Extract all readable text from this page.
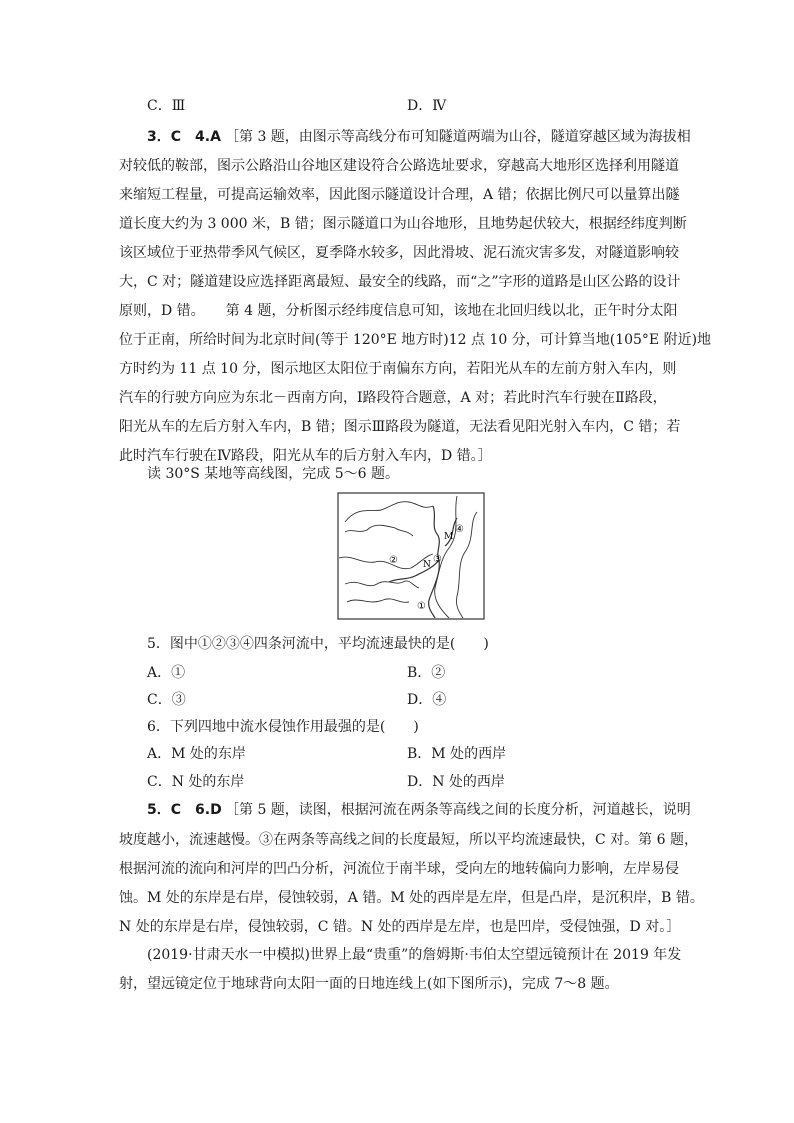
C．Ⅲ	D．Ⅳ
3．C　4.A ［第 3 题，由图示等高线分布可知隧道两端为山谷，隧道穿越区域为海拔相
对较低的鞍部，图示公路沿山谷地区建设符合公路选址要求，穿越高大地形区选择利用隧道
来缩短工程量，可提高运输效率，因此图示隧道设计合理，A 错；依据比例尺可以量算出隧
道长度大约为 3 000 米，B 错；图示隧道口为山谷地形，且地势起伏较大，根据经纬度判断
该区域位于亚热带季风气候区，夏季降水较多，因此滑坡、泥石流灾害多发，对隧道影响较
大，C 对；隧道建设应选择距离最短、最安全的线路，而“之”字形的道路是山区公路的设计
原则，D 错。　　第 4 题，分析图示经纬度信息可知，该地在北回归线以北，正午时分太阳
位于正南，所给时间为北京时间(等于 120°E 地方时)12 点 10 分，可计算当地(105°E 附近)地
方时约为 11 点 10 分，图示地区太阳位于南偏东方向，若阳光从车的左前方射入车内，则
汽车的行驶方向应为东北－西南方向，Ⅰ路段符合题意，A 对；若此时汽车行驶在Ⅱ路段，
阳光从车的左后方射入车内，B 错；图示Ⅲ路段为隧道，无法看见阳光射入车内，C 错；若
此时汽车行驶在Ⅳ路段，阳光从车的后方射入车内，D 错。］
读 30°S 某地等高线图，完成 5～6 题。
M
N
②	③
④
①
5．图中①②③④四条河流中，平均流速最快的是(　　)
A．①	B．②
C．③	D．④
6．下列四地中流水侵蚀作用最强的是(　　)
A．M 处的东岸	B．M 处的西岸
C．N 处的东岸	D．N 处的西岸
5．C　6.D ［第 5 题，读图，根据河流在两条等高线之间的长度分析，河道越长，说明
坡度越小，流速越慢。③在两条等高线之间的长度最短，所以平均流速最快，C 对。第 6 题，
根据河流的流向和河岸的凹凸分析，河流位于南半球，受向左的地转偏向力影响，左岸易侵
蚀。M 处的东岸是右岸，侵蚀较弱，A 错。M 处的西岸是左岸，但是凸岸，是沉积岸，B 错。
N 处的东岸是右岸，侵蚀较弱，C 错。N 处的西岸是左岸，也是凹岸，受侵蚀强，D 对。］
(2019·甘肃天水一中模拟)世界上最“贵重”的詹姆斯·韦伯太空望远镜预计在 2019 年发
射，望远镜定位于地球背向太阳一面的日地连线上(如下图所示)，完成 7～8 题。
